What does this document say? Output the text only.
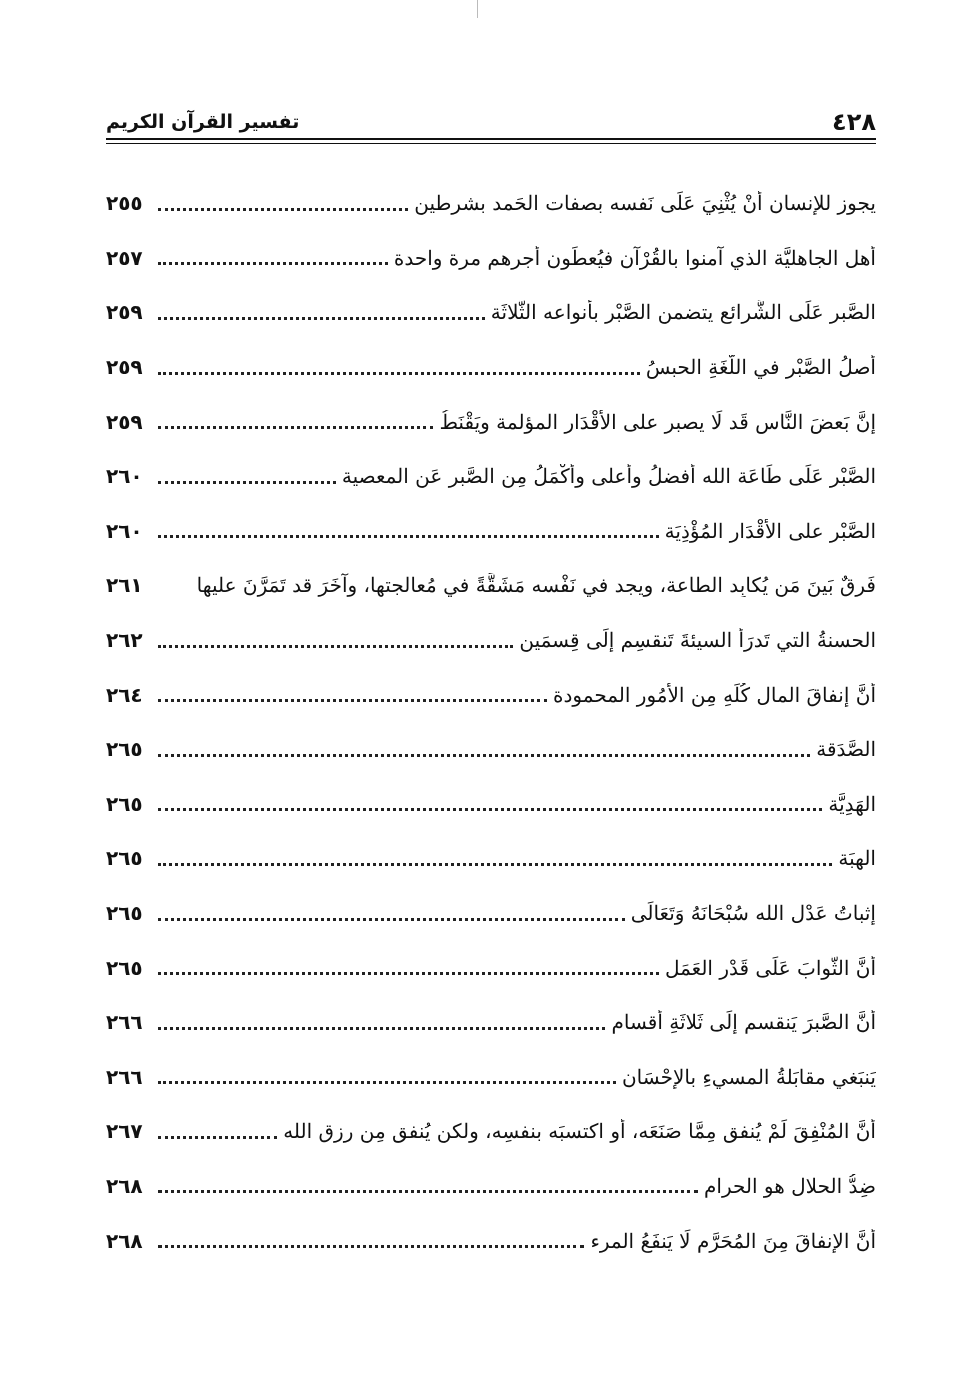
٤٢٨
تفسير القرآن الكريم
يجوز للإنسان أَنْ يُثْنِيَ عَلَى نَفسه بصفات الحَمد بشرطين
٢٥٥
أَهل الجاهليَّة الذي آمنوا بالقُرْآن فيُعطَون أجرهم مرة واحدة
٢٥٧
الصَّبر عَلَى الشَّرائع يتضمن الصَّبْر بأنواعه الثَّلاثَة
٢٥٩
أصلُ الصَّبْر في اللُّغَةِ الحبسُ
٢٥٩
إنَّ بَعضَ النَّاس قَد لَا يصبر على الأَقْدَار المؤلمة ويَقْنَطُ
٢٥٩
الصَّبْر عَلَى طَاعَة الله أفضلُ وأعلى وأَكْمَلُ مِن الصَّبرِ عَنِ المعصية
٢٦٠
الصَّبْر على الأَقْدَار المُؤْذِيَة
٢٦٠
فَرقٌ بَينَ مَن يُكابِد الطاعة، ويجد في نَفْسه مَشَقَّةً في مُعالجتها، وآخَرَ قد تَمَرَّنَ عليها
٢٦١
الحسنةُ التي تَدرَأُ السيئةَ تَنقسِم إِلَى قِسمَين
٢٦٢
أَنَّ إنفاقَ المالِ كُلِّهِ مِن الأُمُور المحمودة
٢٦٤
الصَّدَقة
٢٦٥
الهَدِيَّة
٢٦٥
الهِبَة
٢٦٥
إثباتُ عَدْلِ الله سُبْحَانَهُ وَتَعَالَى
٢٦٥
أَنَّ الثَّوابَ عَلَى قَدْرِ العَمَل
٢٦٥
أَنَّ الصَّبرَ يَنقسم إِلَى ثَلاثَةِ أَقسام
٢٦٦
يَنبَغي مقابَلةُ المسيءِ بالإِحْسَان
٢٦٦
أَنَّ المُنْفِقَ لَمْ يُنفق مِمَّا صَنَعَه، أو اكتسبَه بنفسِه، ولكن يُنفق مِن رزق الله
٢٦٧
ضِدُّ الحلال هو الحرام
٢٦٨
أَنَّ الإنفاقَ مِنَ المُحَرَّمِ لَا يَنفَعُ المرء
٢٦٨
